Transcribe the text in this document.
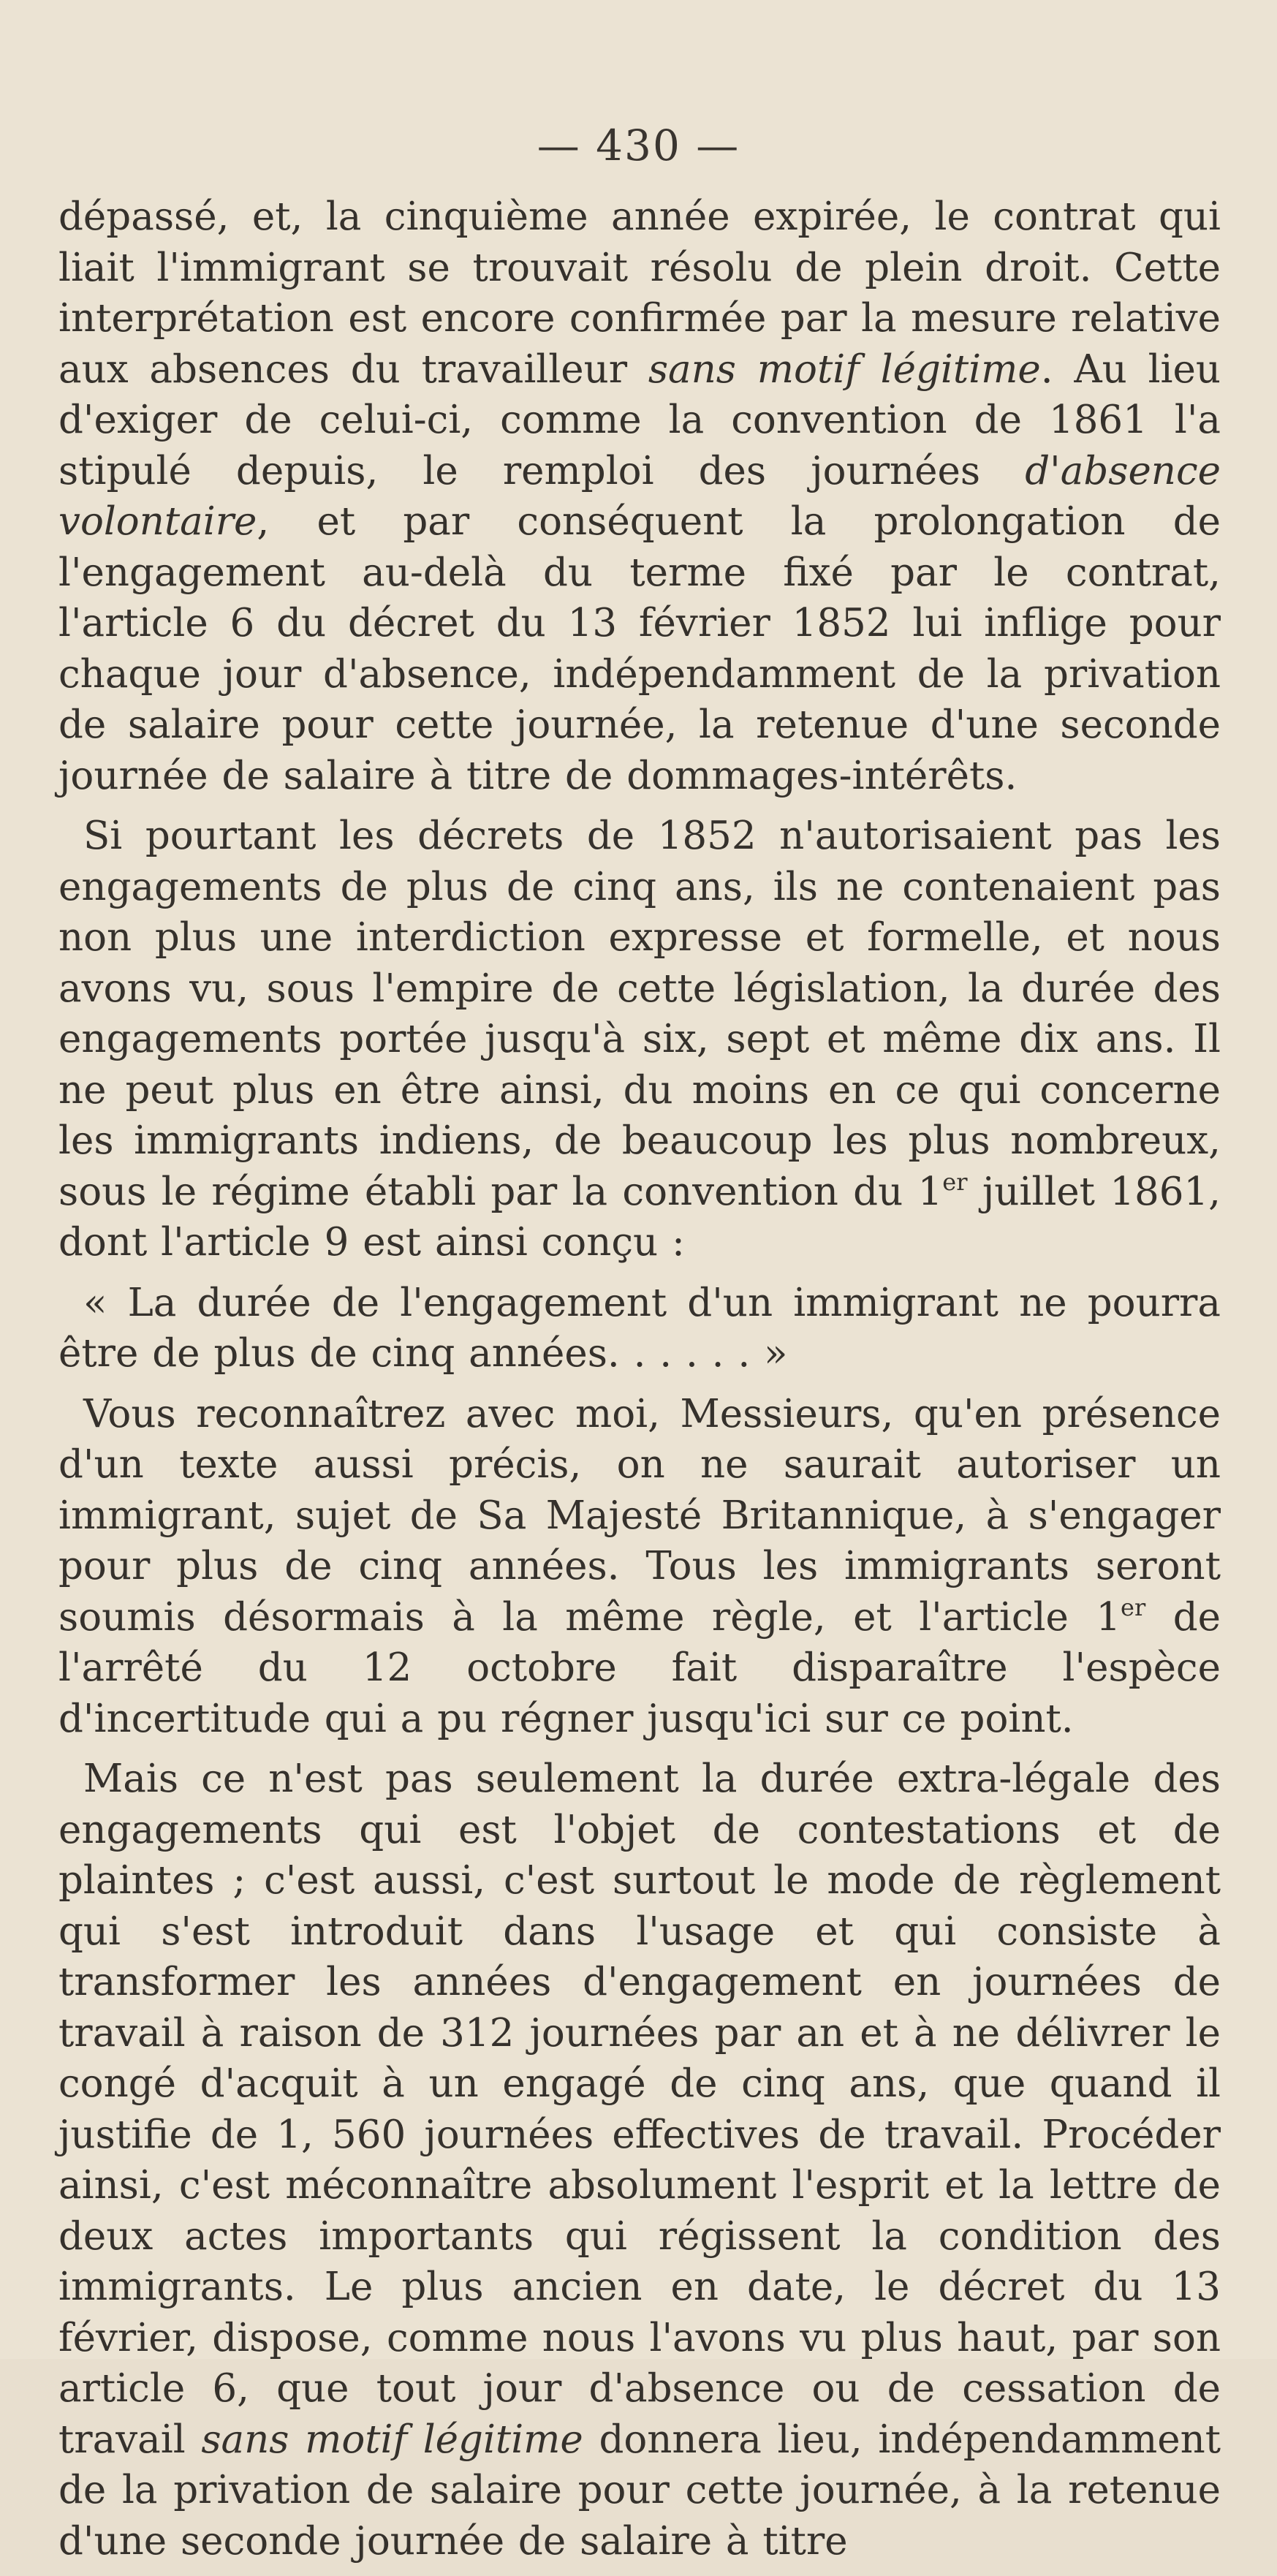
— 430 —

dépassé, et, la cinquième année expirée, le contrat qui liait l'immigrant se trouvait résolu de plein droit. Cette interprétation est encore confirmée par la mesure relative aux absences du travailleur sans motif légitime. Au lieu d'exiger de celui-ci, comme la convention de 1861 l'a stipulé depuis, le remploi des journées d'absence volontaire, et par conséquent la prolongation de l'engagement au-delà du terme fixé par le contrat, l'article 6 du décret du 13 février 1852 lui inflige pour chaque jour d'absence, indépendamment de la privation de salaire pour cette journée, la retenue d'une seconde journée de salaire à titre de dommages-intérêts.

Si pourtant les décrets de 1852 n'autorisaient pas les engagements de plus de cinq ans, ils ne contenaient pas non plus une interdiction expresse et formelle, et nous avons vu, sous l'empire de cette législation, la durée des engagements portée jusqu'à six, sept et même dix ans. Il ne peut plus en être ainsi, du moins en ce qui concerne les immigrants indiens, de beaucoup les plus nombreux, sous le régime établi par la convention du 1er juillet 1861, dont l'article 9 est ainsi conçu :

« La durée de l'engagement d'un immigrant ne pourra être de plus de cinq années. . . . . . »

Vous reconnaîtrez avec moi, Messieurs, qu'en présence d'un texte aussi précis, on ne saurait autoriser un immigrant, sujet de Sa Majesté Britannique, à s'engager pour plus de cinq années. Tous les immigrants seront soumis désormais à la même règle, et l'article 1er de l'arrêté du 12 octobre fait disparaître l'espèce d'incertitude qui a pu régner jusqu'ici sur ce point.

Mais ce n'est pas seulement la durée extra-légale des engagements qui est l'objet de contestations et de plaintes ; c'est aussi, c'est surtout le mode de règlement qui s'est introduit dans l'usage et qui consiste à transformer les années d'engagement en journées de travail à raison de 312 journées par an et à ne délivrer le congé d'acquit à un engagé de cinq ans, que quand il justifie de 1, 560 journées effectives de travail. Procéder ainsi, c'est méconnaître absolument l'esprit et la lettre de deux actes importants qui régissent la condition des immigrants. Le plus ancien en date, le décret du 13 février, dispose, comme nous l'avons vu plus haut, par son article 6, que tout jour d'absence ou de cessation de travail sans motif légitime donnera lieu, indépendamment de la privation de salaire pour cette journée, à la retenue d'une seconde journée de salaire à titre
